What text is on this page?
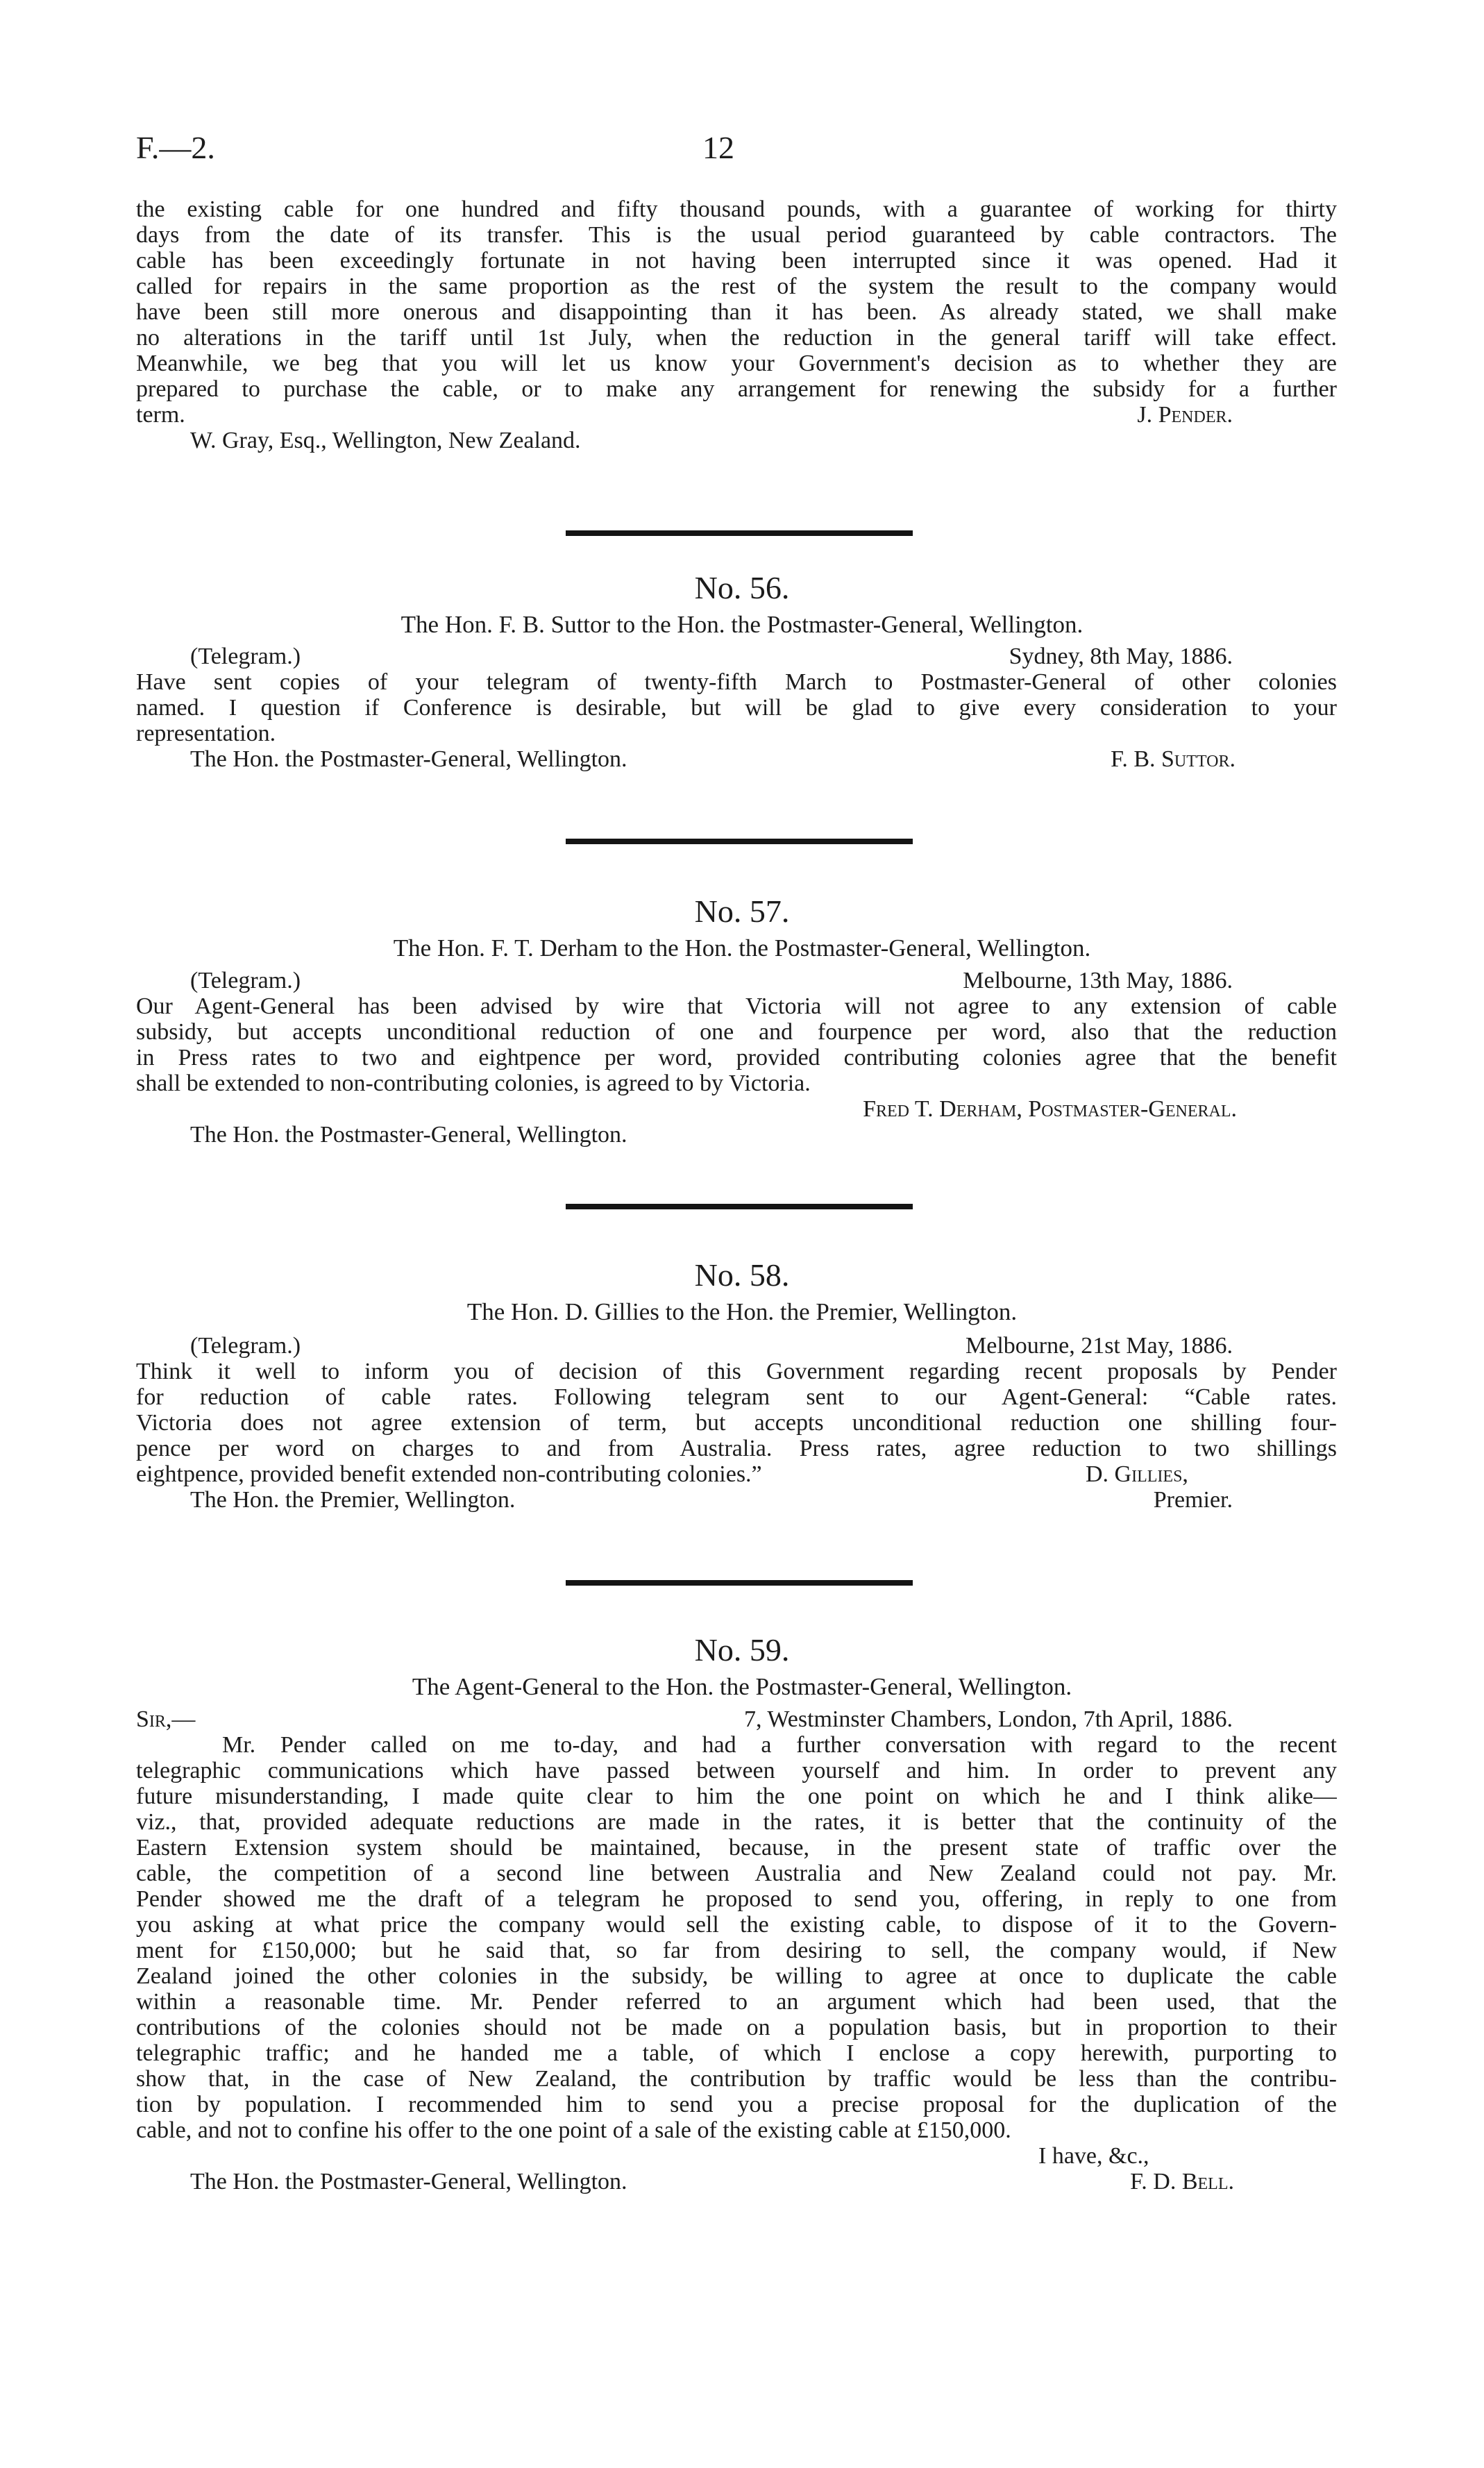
F.—2.	12
the existing cable for one hundred and fifty thousand pounds, with a guarantee of working for thirty
days from the date of its transfer. This is the usual period guaranteed by cable contractors. The
cable has been exceedingly fortunate in not having been interrupted since it was opened. Had it
called for repairs in the same proportion as the rest of the system the result to the company would
have been still more onerous and disappointing than it has been. As already stated, we shall make
no alterations in the tariff until 1st July, when the reduction in the general tariff will take effect.
Meanwhile, we beg that you will let us know your Government's decision as to whether they are
prepared to purchase the cable, or to make any arrangement for renewing the subsidy for a further
term.	J. Pender.
W. Gray, Esq., Wellington, New Zealand.
No. 56.
The Hon. F. B. Suttor to the Hon. the Postmaster-General, Wellington.
(Telegram.)	Sydney, 8th May, 1886.
Have sent copies of your telegram of twenty-fifth March to Postmaster-General of other colonies
named. I question if Conference is desirable, but will be glad to give every consideration to your
representation.
The Hon. the Postmaster-General, Wellington.	F. B. Suttor.
No. 57.
The Hon. F. T. Derham to the Hon. the Postmaster-General, Wellington.
(Telegram.)	Melbourne, 13th May, 1886.
Our Agent-General has been advised by wire that Victoria will not agree to any extension of cable
subsidy, but accepts unconditional reduction of one and fourpence per word, also that the reduction
in Press rates to two and eightpence per word, provided contributing colonies agree that the benefit
shall be extended to non-contributing colonies, is agreed to by Victoria.
Fred T. Derham, Postmaster-General.
The Hon. the Postmaster-General, Wellington.
No. 58.
The Hon. D. Gillies to the Hon. the Premier, Wellington.
(Telegram.)	Melbourne, 21st May, 1886.
Think it well to inform you of decision of this Government regarding recent proposals by Pender
for reduction of cable rates. Following telegram sent to our Agent-General: “Cable rates.
Victoria does not agree extension of term, but accepts unconditional reduction one shilling four-
pence per word on charges to and from Australia. Press rates, agree reduction to two shillings
eightpence, provided benefit extended non-contributing colonies.”	D. Gillies,
The Hon. the Premier, Wellington.	Premier.
No. 59.
The Agent-General to the Hon. the Postmaster-General, Wellington.
Sir,—	7, Westminster Chambers, London, 7th April, 1886.
Mr. Pender called on me to-day, and had a further conversation with regard to the recent
telegraphic communications which have passed between yourself and him. In order to prevent any
future misunderstanding, I made quite clear to him the one point on which he and I think alike—
viz., that, provided adequate reductions are made in the rates, it is better that the continuity of the
Eastern Extension system should be maintained, because, in the present state of traffic over the
cable, the competition of a second line between Australia and New Zealand could not pay. Mr.
Pender showed me the draft of a telegram he proposed to send you, offering, in reply to one from
you asking at what price the company would sell the existing cable, to dispose of it to the Govern-
ment for £150,000; but he said that, so far from desiring to sell, the company would, if New
Zealand joined the other colonies in the subsidy, be willing to agree at once to duplicate the cable
within a reasonable time. Mr. Pender referred to an argument which had been used, that the
contributions of the colonies should not be made on a population basis, but in proportion to their
telegraphic traffic; and he handed me a table, of which I enclose a copy herewith, purporting to
show that, in the case of New Zealand, the contribution by traffic would be less than the contribu-
tion by population. I recommended him to send you a precise proposal for the duplication of the
cable, and not to confine his offer to the one point of a sale of the existing cable at £150,000.
I have, &c.,
The Hon. the Postmaster-General, Wellington.	F. D. Bell.
